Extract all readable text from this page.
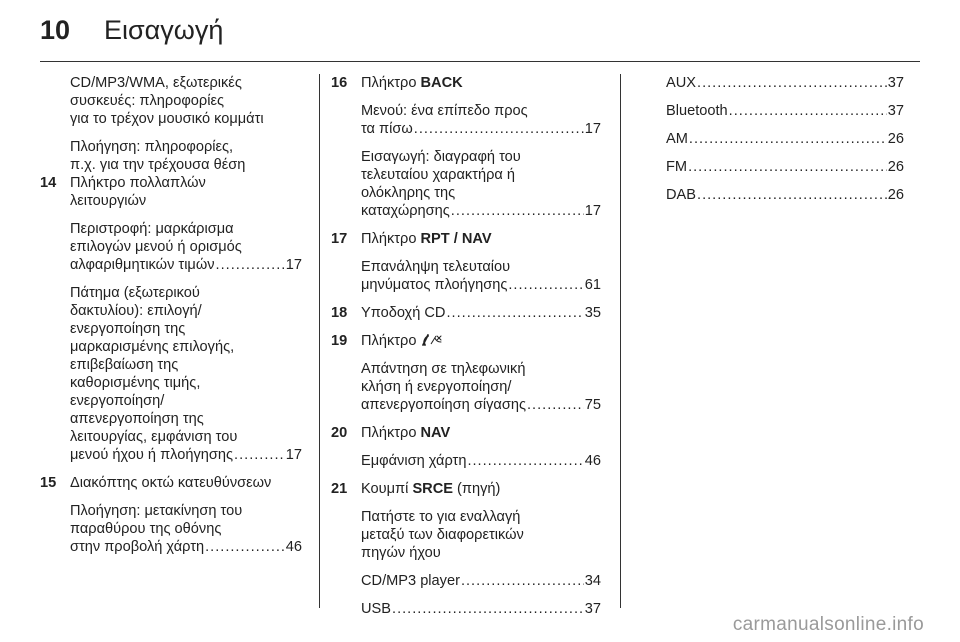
10	Εισαγωγή
CD/MP3/WMA, εξωτερικές
συσκευές: πληροφορίες
για το τρέχον μουσικό κομμάτι
Πλοήγηση: πληροφορίες,
π.χ. για την τρέχουσα θέση
14 Πλήκτρο πολλαπλών
λειτουργιών
Περιστροφή: μαρκάρισμα
επιλογών μενού ή ορισμός
αλφαριθμητικών τιμών .....	17
Πάτημα (εξωτερικού
δακτυλίου): επιλογή/
ενεργοποίηση της
μαρκαρισμένης επιλογής,
επιβεβαίωση της
καθορισμένης τιμής,
ενεργοποίηση/
απενεργοποίηση της
λειτουργίας, εμφάνιση του
μενού ήχου ή πλοήγησης .....	17
15 Διακόπτης οκτώ κατευθύνσεων
Πλοήγηση: μετακίνηση του
παραθύρου της οθόνης
στην προβολή χάρτη .....	46
16 Πλήκτρο BACK
Μενού: ένα επίπεδο προς
τα πίσω .....	17
Εισαγωγή: διαγραφή του
τελευταίου χαρακτήρα ή
ολόκληρης της
καταχώρησης .....	17
17 Πλήκτρο RPT / NAV
Επανάληψη τελευταίου
μηνύματος πλοήγησης .....	61
18 Υποδοχή CD .....	35
19 Πλήκτρο
Απάντηση σε τηλεφωνική
κλήση ή ενεργοποίηση/
απενεργοποίηση σίγασης .....	75
20 Πλήκτρο NAV
Εμφάνιση χάρτη .....	46
21 Κουμπί SRCE (πηγή)
Πατήστε το για εναλλαγή
μεταξύ των διαφορετικών
πηγών ήχου
CD/MP3 player .....	34
USB .....	37
AUX .....	37
Bluetooth .....	37
AM .....	26
FM .....	26
DAB .....	26
carmanualsonline.info
